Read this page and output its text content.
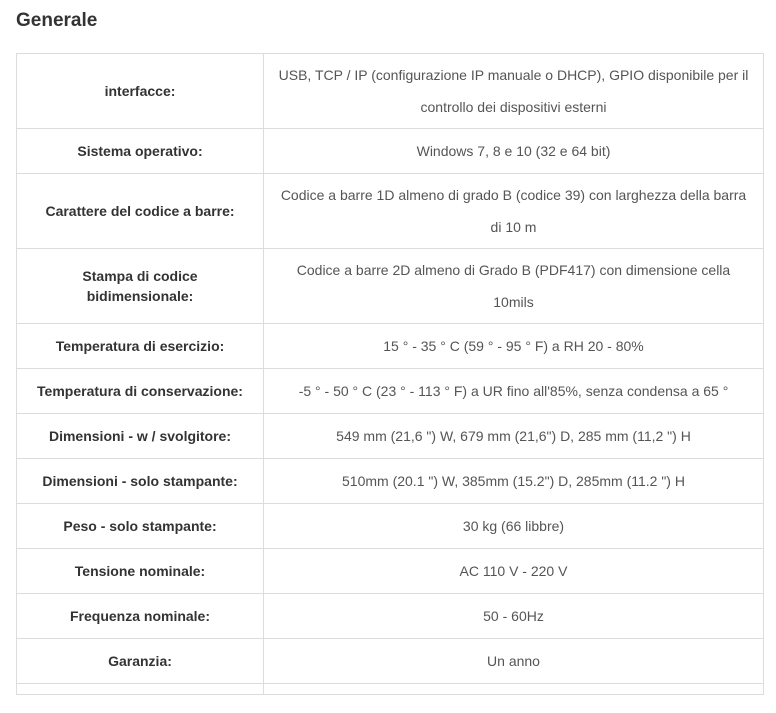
Generale
interfacce:	USB, TCP / IP (configurazione IP manuale o DHCP), GPIO disponibile per il controllo dei dispositivi esterni
Sistema operativo:	Windows 7, 8 e 10 (32 e 64 bit)
Carattere del codice a barre:	Codice a barre 1D almeno di grado B (codice 39) con larghezza della barra di 10 m
Stampa di codice bidimensionale:	Codice a barre 2D almeno di Grado B (PDF417) con dimensione cella 10mils
Temperatura di esercizio:	15 ° - 35 ° C (59 ° - 95 ° F) a RH 20 - 80%
Temperatura di conservazione:	-5 ° - 50 ° C (23 ° - 113 ° F) a UR fino all'85%, senza condensa a 65 °
Dimensioni - w / svolgitore:	549 mm (21,6 ") W, 679 mm (21,6") D, 285 mm (11,2 ") H
Dimensioni - solo stampante:	510mm (20.1 ") W, 385mm (15.2") D, 285mm (11.2 ") H
Peso - solo stampante:	30 kg (66 libbre)
Tensione nominale:	AC 110 V - 220 V
Frequenza nominale:	50 - 60Hz
Garanzia:	Un anno
